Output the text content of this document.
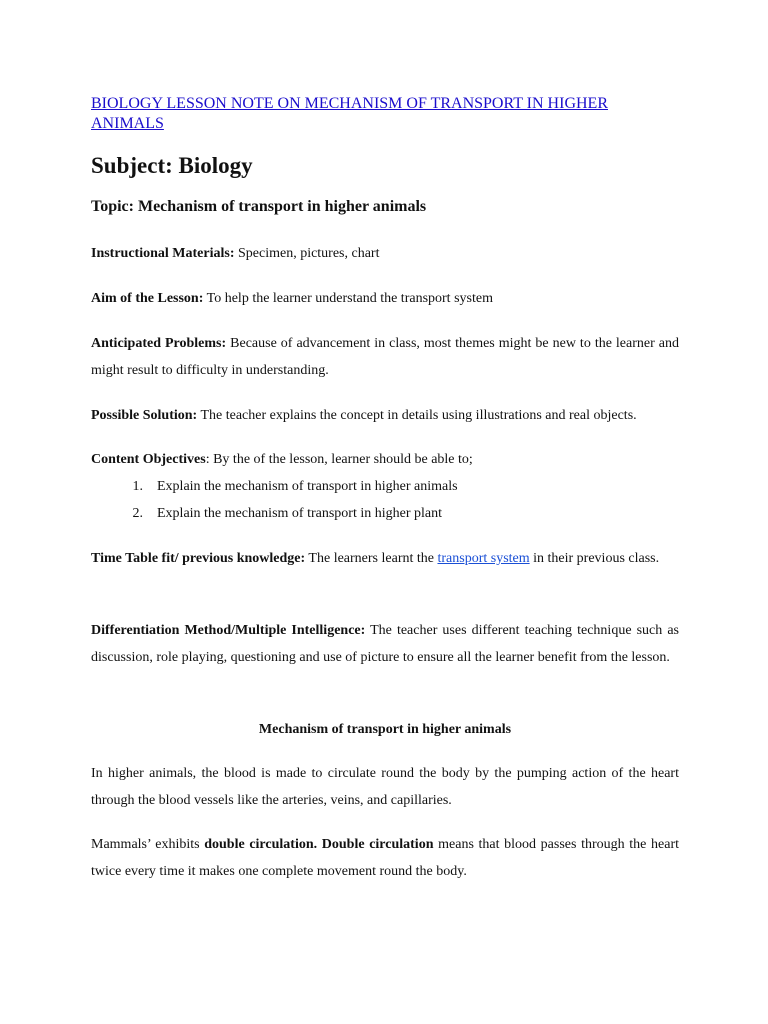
BIOLOGY LESSON NOTE ON MECHANISM OF TRANSPORT IN HIGHER ANIMALS

Subject: Biology

Topic: Mechanism of transport in higher animals

Instructional Materials: Specimen, pictures, chart

Aim of the Lesson: To help the learner understand the transport system

Anticipated Problems: Because of advancement in class, most themes might be new to the learner and might result to difficulty in understanding.

Possible Solution: The teacher explains the concept in details using illustrations and real objects.

Content Objectives: By the of the lesson, learner should be able to;

1. Explain the mechanism of transport in higher animals
2. Explain the mechanism of transport in higher plant

Time Table fit/ previous knowledge: The learners learnt the transport system in their previous class.

Differentiation Method/Multiple Intelligence: The teacher uses different teaching technique such as discussion, role playing, questioning and use of picture to ensure all the learner benefit from the lesson.

Mechanism of transport in higher animals

In higher animals, the blood is made to circulate round the body by the pumping action of the heart through the blood vessels like the arteries, veins, and capillaries.

Mammals’ exhibits double circulation. Double circulation means that blood passes through the heart twice every time it makes one complete movement round the body.
